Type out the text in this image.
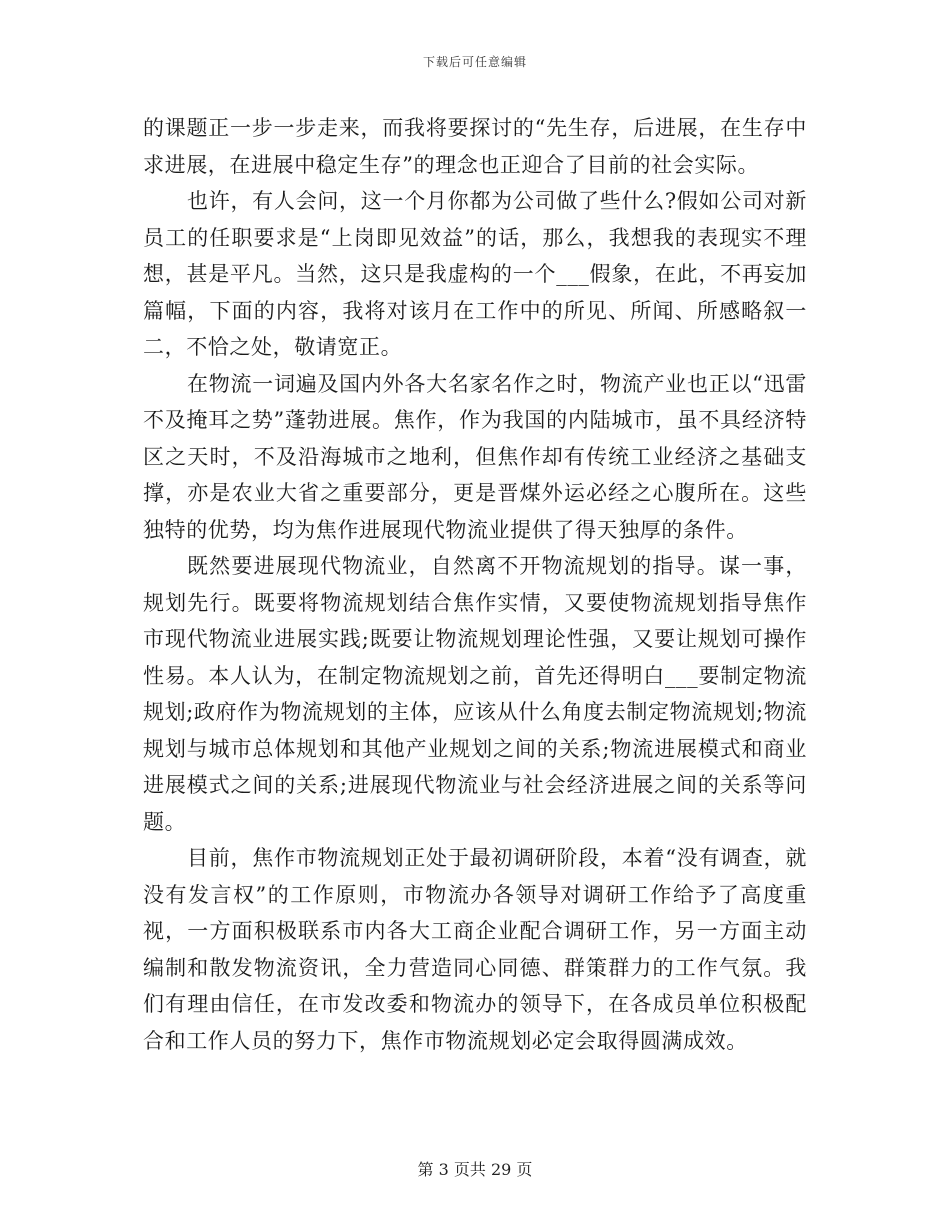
下载后可任意编辑

的课题正一步一步走来，而我将要探讨的“先生存，后进展，在生存中求进展，在进展中稳定生存”的理念也正迎合了目前的社会实际。

也许，有人会问，这一个月你都为公司做了些什么?假如公司对新员工的任职要求是“上岗即见效益”的话，那么，我想我的表现实不理想，甚是平凡。当然，这只是我虚构的一个___假象，在此，不再妄加篇幅，下面的内容，我将对该月在工作中的所见、所闻、所感略叙一二，不恰之处，敬请宽正。

在物流一词遍及国内外各大名家名作之时，物流产业也正以“迅雷不及掩耳之势”蓬勃进展。焦作，作为我国的内陆城市，虽不具经济特区之天时，不及沿海城市之地利，但焦作却有传统工业经济之基础支撑，亦是农业大省之重要部分，更是晋煤外运必经之心腹所在。这些独特的优势，均为焦作进展现代物流业提供了得天独厚的条件。

既然要进展现代物流业，自然离不开物流规划的指导。谋一事，规划先行。既要将物流规划结合焦作实情，又要使物流规划指导焦作市现代物流业进展实践;既要让物流规划理论性强，又要让规划可操作性易。本人认为，在制定物流规划之前，首先还得明白___要制定物流规划;政府作为物流规划的主体，应该从什么角度去制定物流规划;物流规划与城市总体规划和其他产业规划之间的关系;物流进展模式和商业进展模式之间的关系;进展现代物流业与社会经济进展之间的关系等问题。

目前，焦作市物流规划正处于最初调研阶段，本着“没有调查，就没有发言权”的工作原则，市物流办各领导对调研工作给予了高度重视，一方面积极联系市内各大工商企业配合调研工作，另一方面主动编制和散发物流资讯，全力营造同心同德、群策群力的工作气氛。我们有理由信任，在市发改委和物流办的领导下，在各成员单位积极配合和工作人员的努力下，焦作市物流规划必定会取得圆满成效。

第 3 页共 29 页
